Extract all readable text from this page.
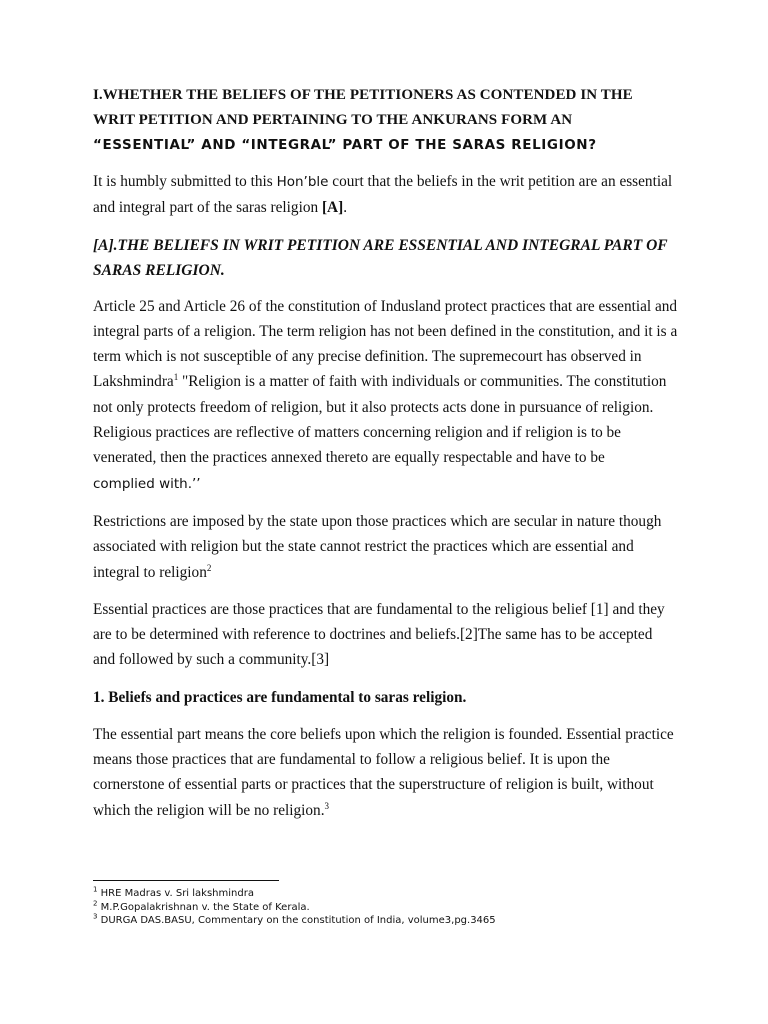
I.WHETHER THE BELIEFS OF THE PETITIONERS AS CONTENDED IN THE
WRIT PETITION AND PERTAINING TO THE ANKURANS FORM AN
“ESSENTIAL” AND “INTEGRAL” PART OF THE SARAS RELIGION?

It is humbly submitted to this Hon’ble court that the beliefs in the writ petition are an essential and integral part of the saras religion [A].

[A].THE BELIEFS IN WRIT PETITION ARE ESSENTIAL AND INTEGRAL PART OF
SARAS RELIGION.

Article 25 and Article 26 of the constitution of Indusland protect practices that are essential and integral parts of a religion. The term religion has not been defined in the constitution, and it is a term which is not susceptible of any precise definition. The supremecourt has observed in Lakshmindra$^1$ "Religion is a matter of faith with individuals or communities. The constitution not only protects freedom of religion, but it also protects acts done in pursuance of religion. Religious practices are reflective of matters concerning religion and if religion is to be venerated, then the practices annexed thereto are equally respectable and have to be
complied with.’’

Restrictions are imposed by the state upon those practices which are secular in nature though associated with religion but the state cannot restrict the practices which are essential and integral to religion$^2$

Essential practices are those practices that are fundamental to the religious belief [1] and they are to be determined with reference to doctrines and beliefs.[2]The same has to be accepted and followed by such a community.[3]

1. Beliefs and practices are fundamental to saras religion.

The essential part means the core beliefs upon which the religion is founded. Essential practice means those practices that are fundamental to follow a religious belief. It is upon the cornerstone of essential parts or practices that the superstructure of religion is built, without which the religion will be no religion.$^3$

$^1$ HRE Madras v. Sri lakshmindra

$^2$ M.P.Gopalakrishnan v. the State of Kerala.

$^3$ DURGA DAS.BASU, Commentary on the constitution of India, volume3,pg.3465
